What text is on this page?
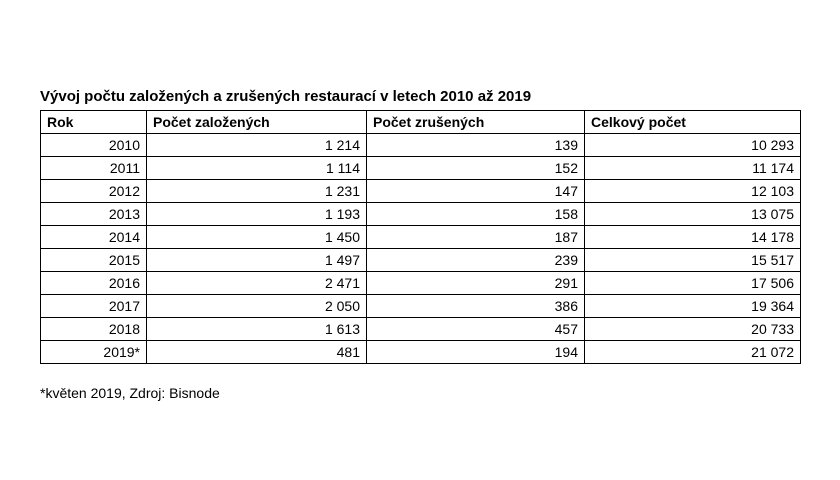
Vývoj počtu založených a zrušených restaurací v letech 2010 až 2019
Rok	Počet založených	Počet zrušených	Celkový počet
2010	1 214	139	10 293
2011	1 114	152	11 174
2012	1 231	147	12 103
2013	1 193	158	13 075
2014	1 450	187	14 178
2015	1 497	239	15 517
2016	2 471	291	17 506
2017	2 050	386	19 364
2018	1 613	457	20 733
2019*	481	194	21 072
*květen 2019, Zdroj: Bisnode
